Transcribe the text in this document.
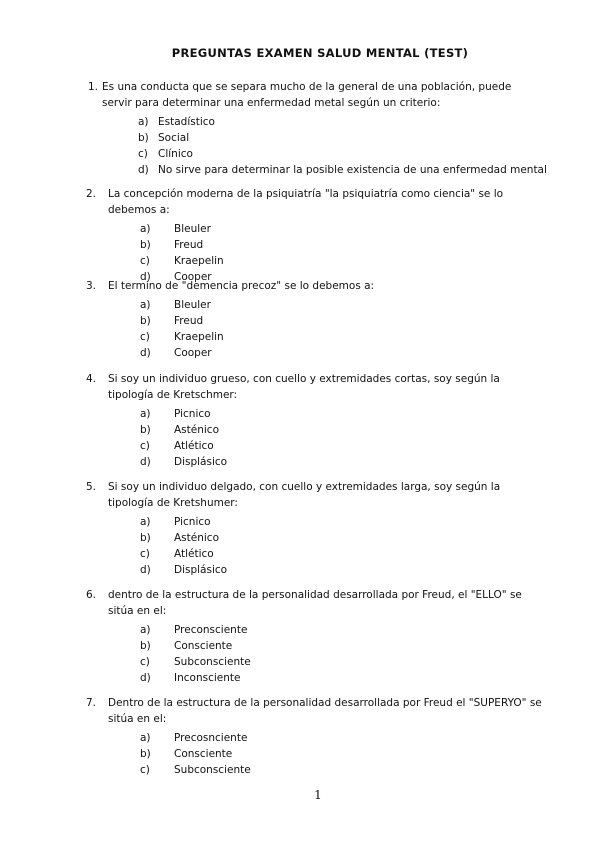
PREGUNTAS EXAMEN SALUD MENTAL (TEST)
1. Es una conducta que se separa mucho de la general de una población, puede servir para determinar una enfermedad metal según un criterio:
a) Estadístico
b) Social
c) Clínico
d) No sirve para determinar la posible existencia de una enfermedad mental
2.	La concepción moderna de la psiquiatría "la psiquiatría como ciencia" se lo debemos a:
a)	Bleuler
b)	Freud
c)	Kraepelin
d)	Cooper
3.	El termino de "demencia precoz" se lo debemos a:
a)	Bleuler
b)	Freud
c)	Kraepelin
d)	Cooper
4.	Si soy un individuo grueso, con cuello y extremidades cortas, soy según la tipología de Kretschmer:
a)	Picnico
b)	Asténico
c)	Atlético
d)	Displásico
5.	Si soy un individuo delgado, con cuello y extremidades larga, soy según la tipología de Kretshumer:
a)	Picnico
b)	Asténico
c)	Atlético
d)	Displásico
6.	dentro de la estructura de la personalidad desarrollada por Freud, el "ELLO" se sitúa en el:
a)	Preconsciente
b)	Consciente
c)	Subconsciente
d)	Inconsciente
7.	Dentro de la estructura de la personalidad desarrollada por Freud el "SUPERYO" se sitúa en el:
a)	Precosnciente
b)	Consciente
c)	Subconsciente
1
